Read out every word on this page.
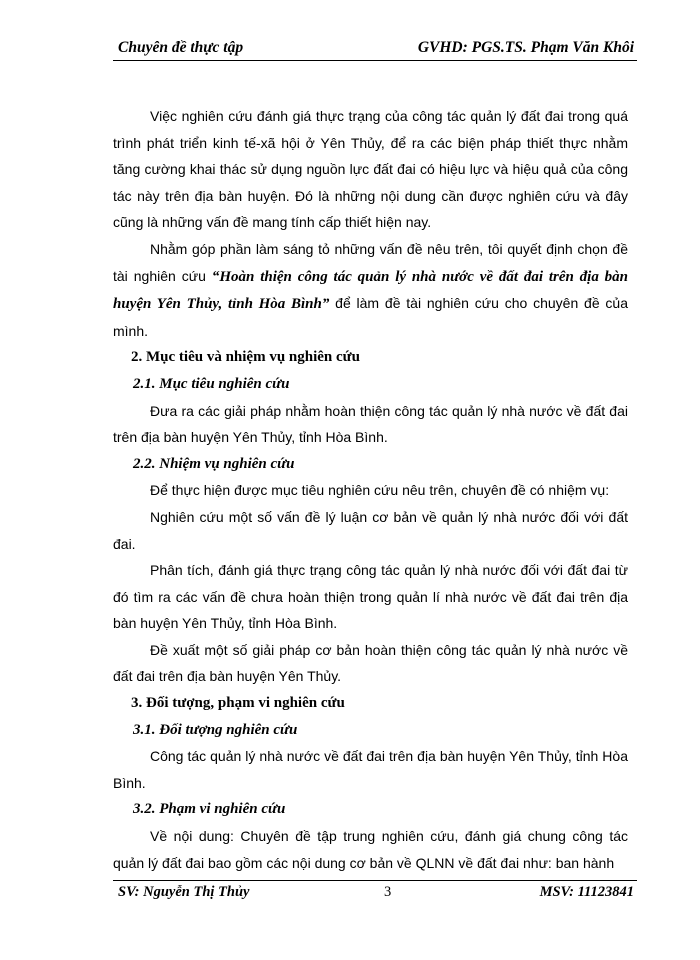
Chuyên đề thực tập	GVHD: PGS.TS. Phạm Văn Khôi

Việc nghiên cứu đánh giá thực trạng của công tác quản lý đất đai trong quá trình phát triển kinh tế-xã hội ở Yên Thủy, để ra các biện pháp thiết thực nhằm tăng cường khai thác sử dụng nguồn lực đất đai có hiệu lực và hiệu quả của công tác này trên địa bàn huyện. Đó là những nội dung cần được nghiên cứu và đây cũng là những vấn đề mang tính cấp thiết hiện nay.

Nhằm góp phần làm sáng tỏ những vấn đề nêu trên, tôi quyết định chọn đề tài nghiên cứu “Hoàn thiện công tác quản lý nhà nước về đất đai trên địa bàn huyện Yên Thủy, tỉnh Hòa Bình” để làm đề tài nghiên cứu cho chuyên đề của mình.

2. Mục tiêu và nhiệm vụ nghiên cứu

2.1. Mục tiêu nghiên cứu

Đưa ra các giải pháp nhằm hoàn thiện công tác quản lý nhà nước về đất đai trên địa bàn huyện Yên Thủy, tỉnh Hòa Bình.

2.2. Nhiệm vụ nghiên cứu

Để thực hiện được mục tiêu nghiên cứu nêu trên, chuyên đề có nhiệm vụ:

Nghiên cứu một số vấn đề lý luận cơ bản về quản lý nhà nước đối với đất đai.

Phân tích, đánh giá thực trạng công tác quản lý nhà nước đối với đất đai từ đó tìm ra các vấn đề chưa hoàn thiện trong quản lí nhà nước về đất đai trên địa bàn huyện Yên Thủy, tỉnh Hòa Bình.

Đề xuất một số giải pháp cơ bản hoàn thiện công tác quản lý nhà nước về đất đai trên địa bàn huyện Yên Thủy.

3. Đối tượng, phạm vi nghiên cứu

3.1. Đối tượng nghiên cứu

Công tác quản lý nhà nước về đất đai trên địa bàn huyện Yên Thủy, tỉnh Hòa Bình.

3.2. Phạm vi nghiên cứu

Về nội dung: Chuyên đề tập trung nghiên cứu, đánh giá chung công tác quản lý đất đai bao gồm các nội dung cơ bản về QLNN về đất đai như: ban hành

SV: Nguyễn Thị Thủy	3	MSV: 11123841
